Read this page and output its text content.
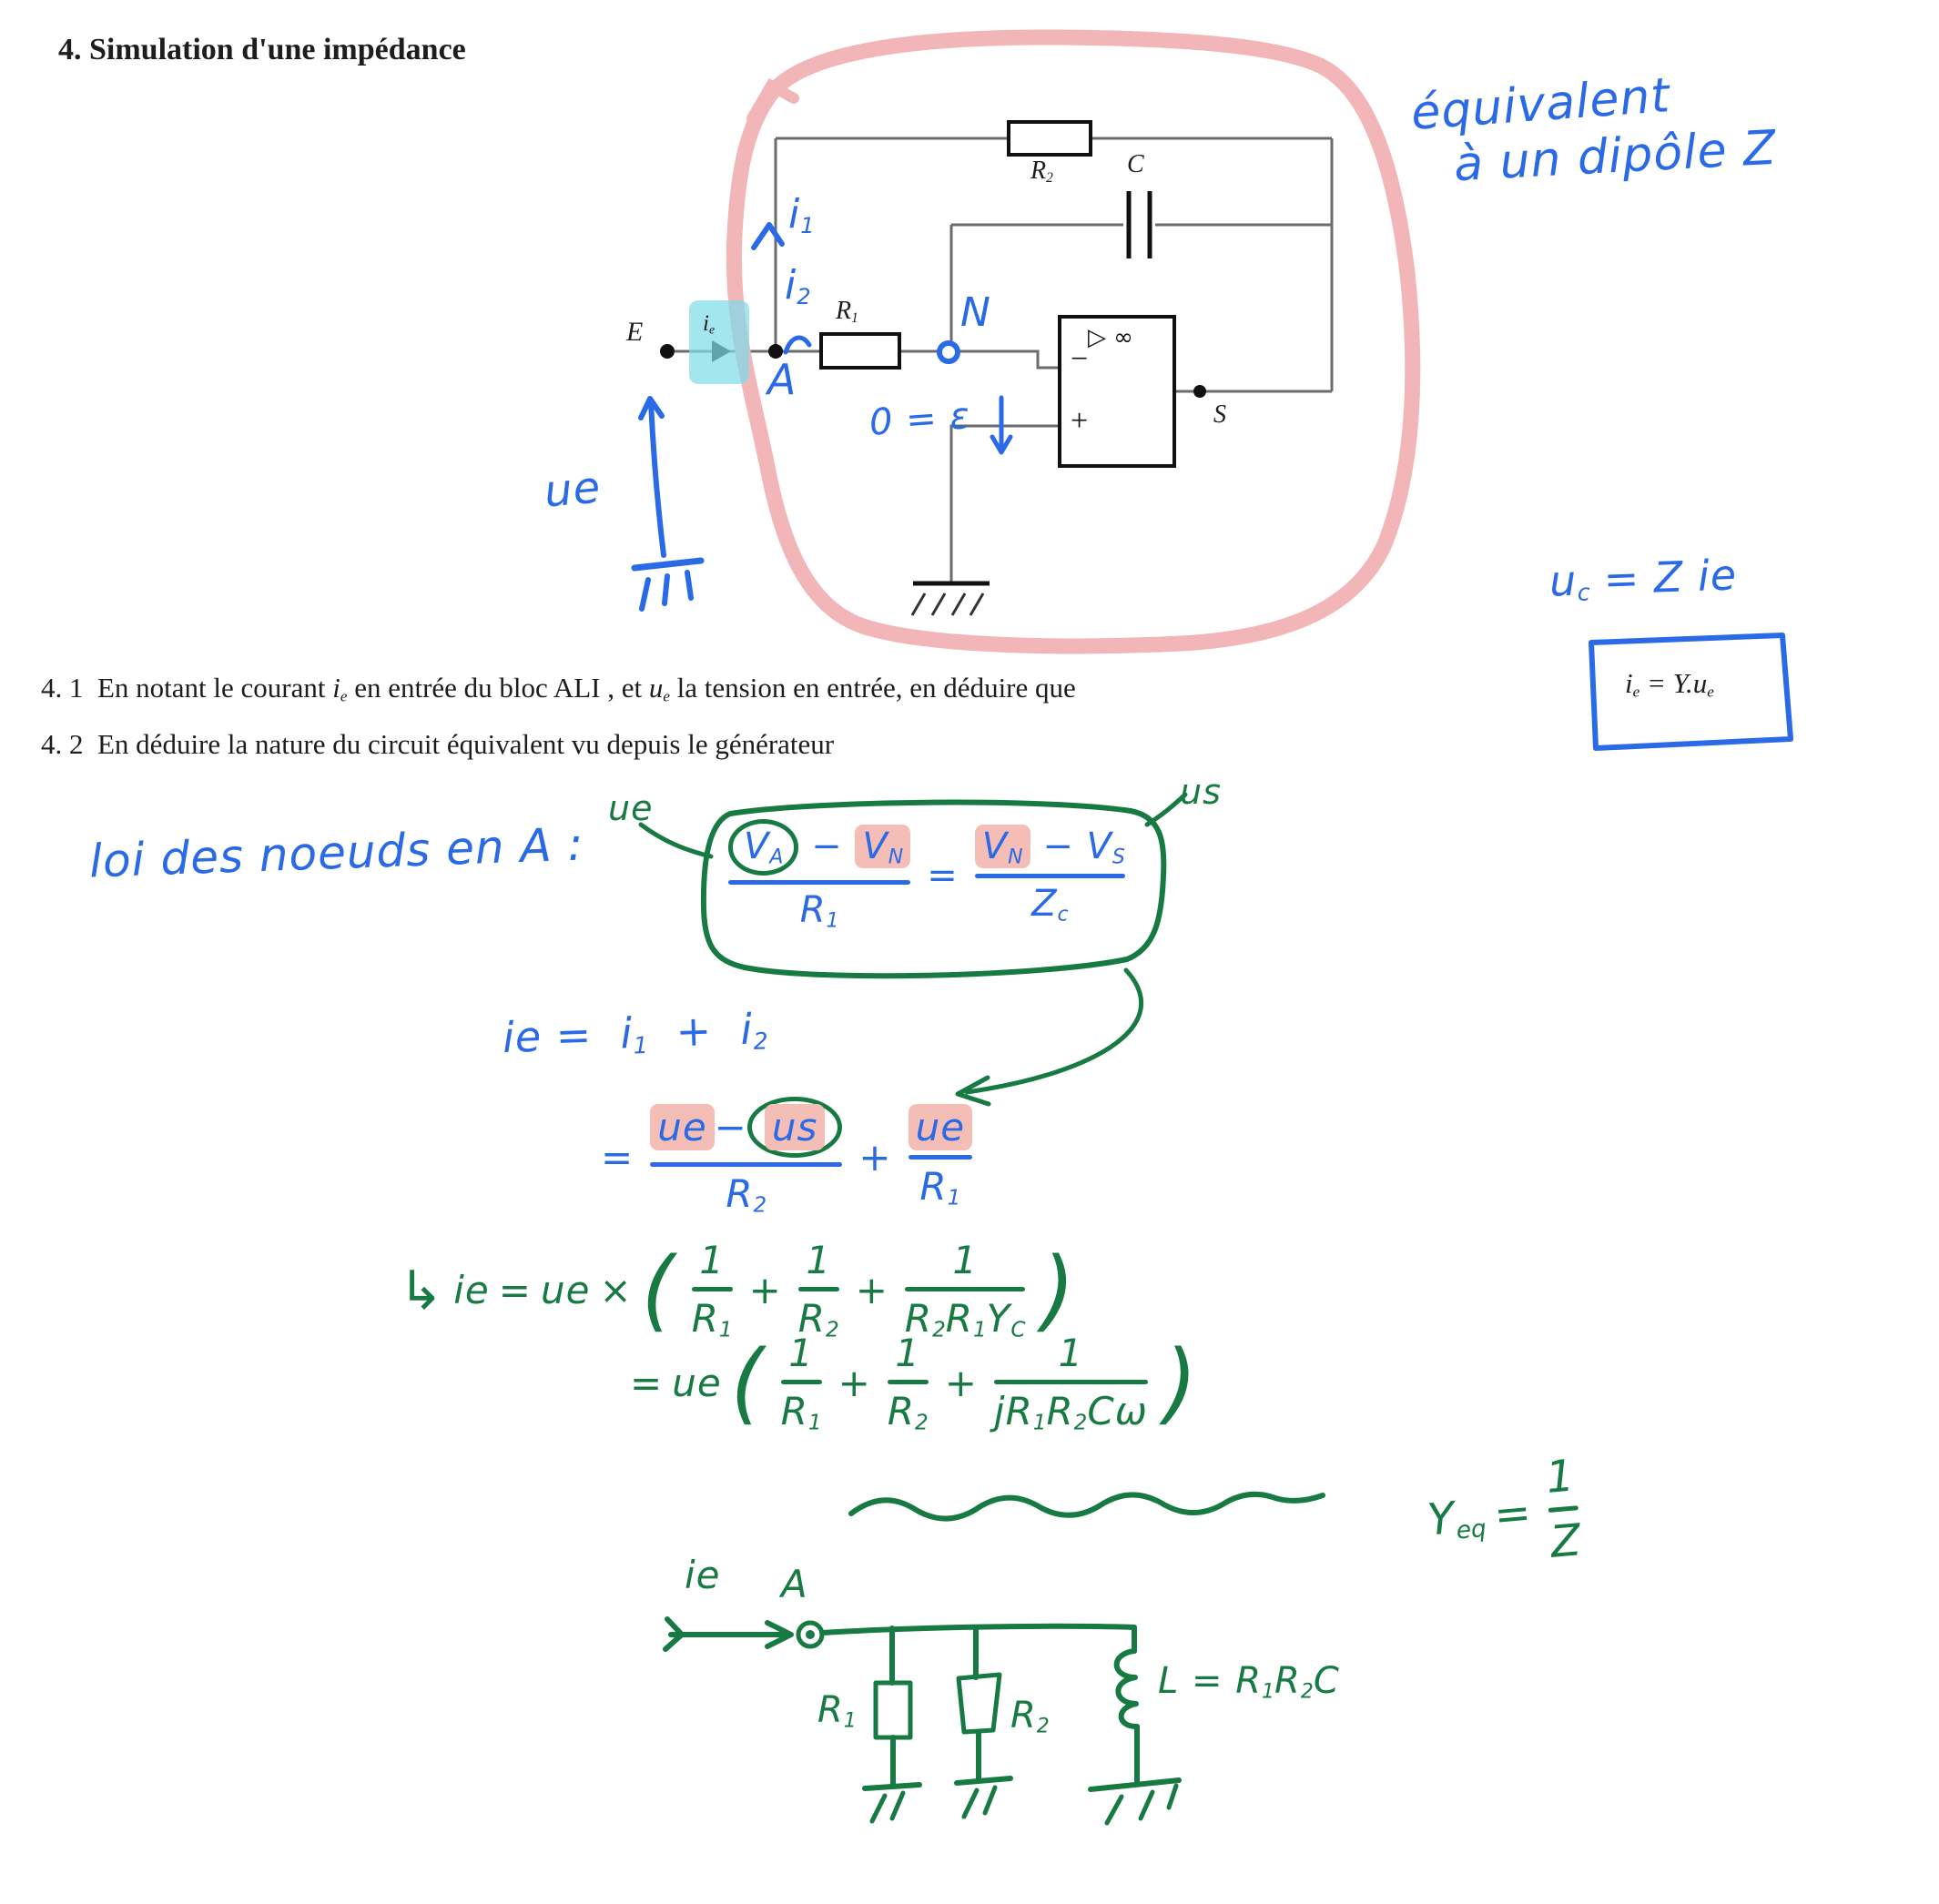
4. Simulation d'une impédance
4. 1 En notant le courant ie en entrée du bloc ALI , et ue la tension en entrée, en déduire que
4. 2 En déduire la nature du circuit équivalent vu depuis le générateur
ie = Y.ue
E	ie
R2	C
R1
S
▷ ∞
−
+
équivalent
à un dipôle Z
i1
i2
A
N
0 = ε
ue
uc = Z ie
loi des noeuds en A :
ue	us
VA − VN
R1
=
VN − VS
Zc
ie = i1 + i2
=
ue − us
R2
+
ue
R1
↳ ie = ue × ( 1
R1
+
1
R2
+
1
R2R1YC )
= ue ( 1
R1
+
1
R2
+
1
jR1R2Cω )
Yeq =
1
Z
ie A
R1	R2
L = R1R2C
